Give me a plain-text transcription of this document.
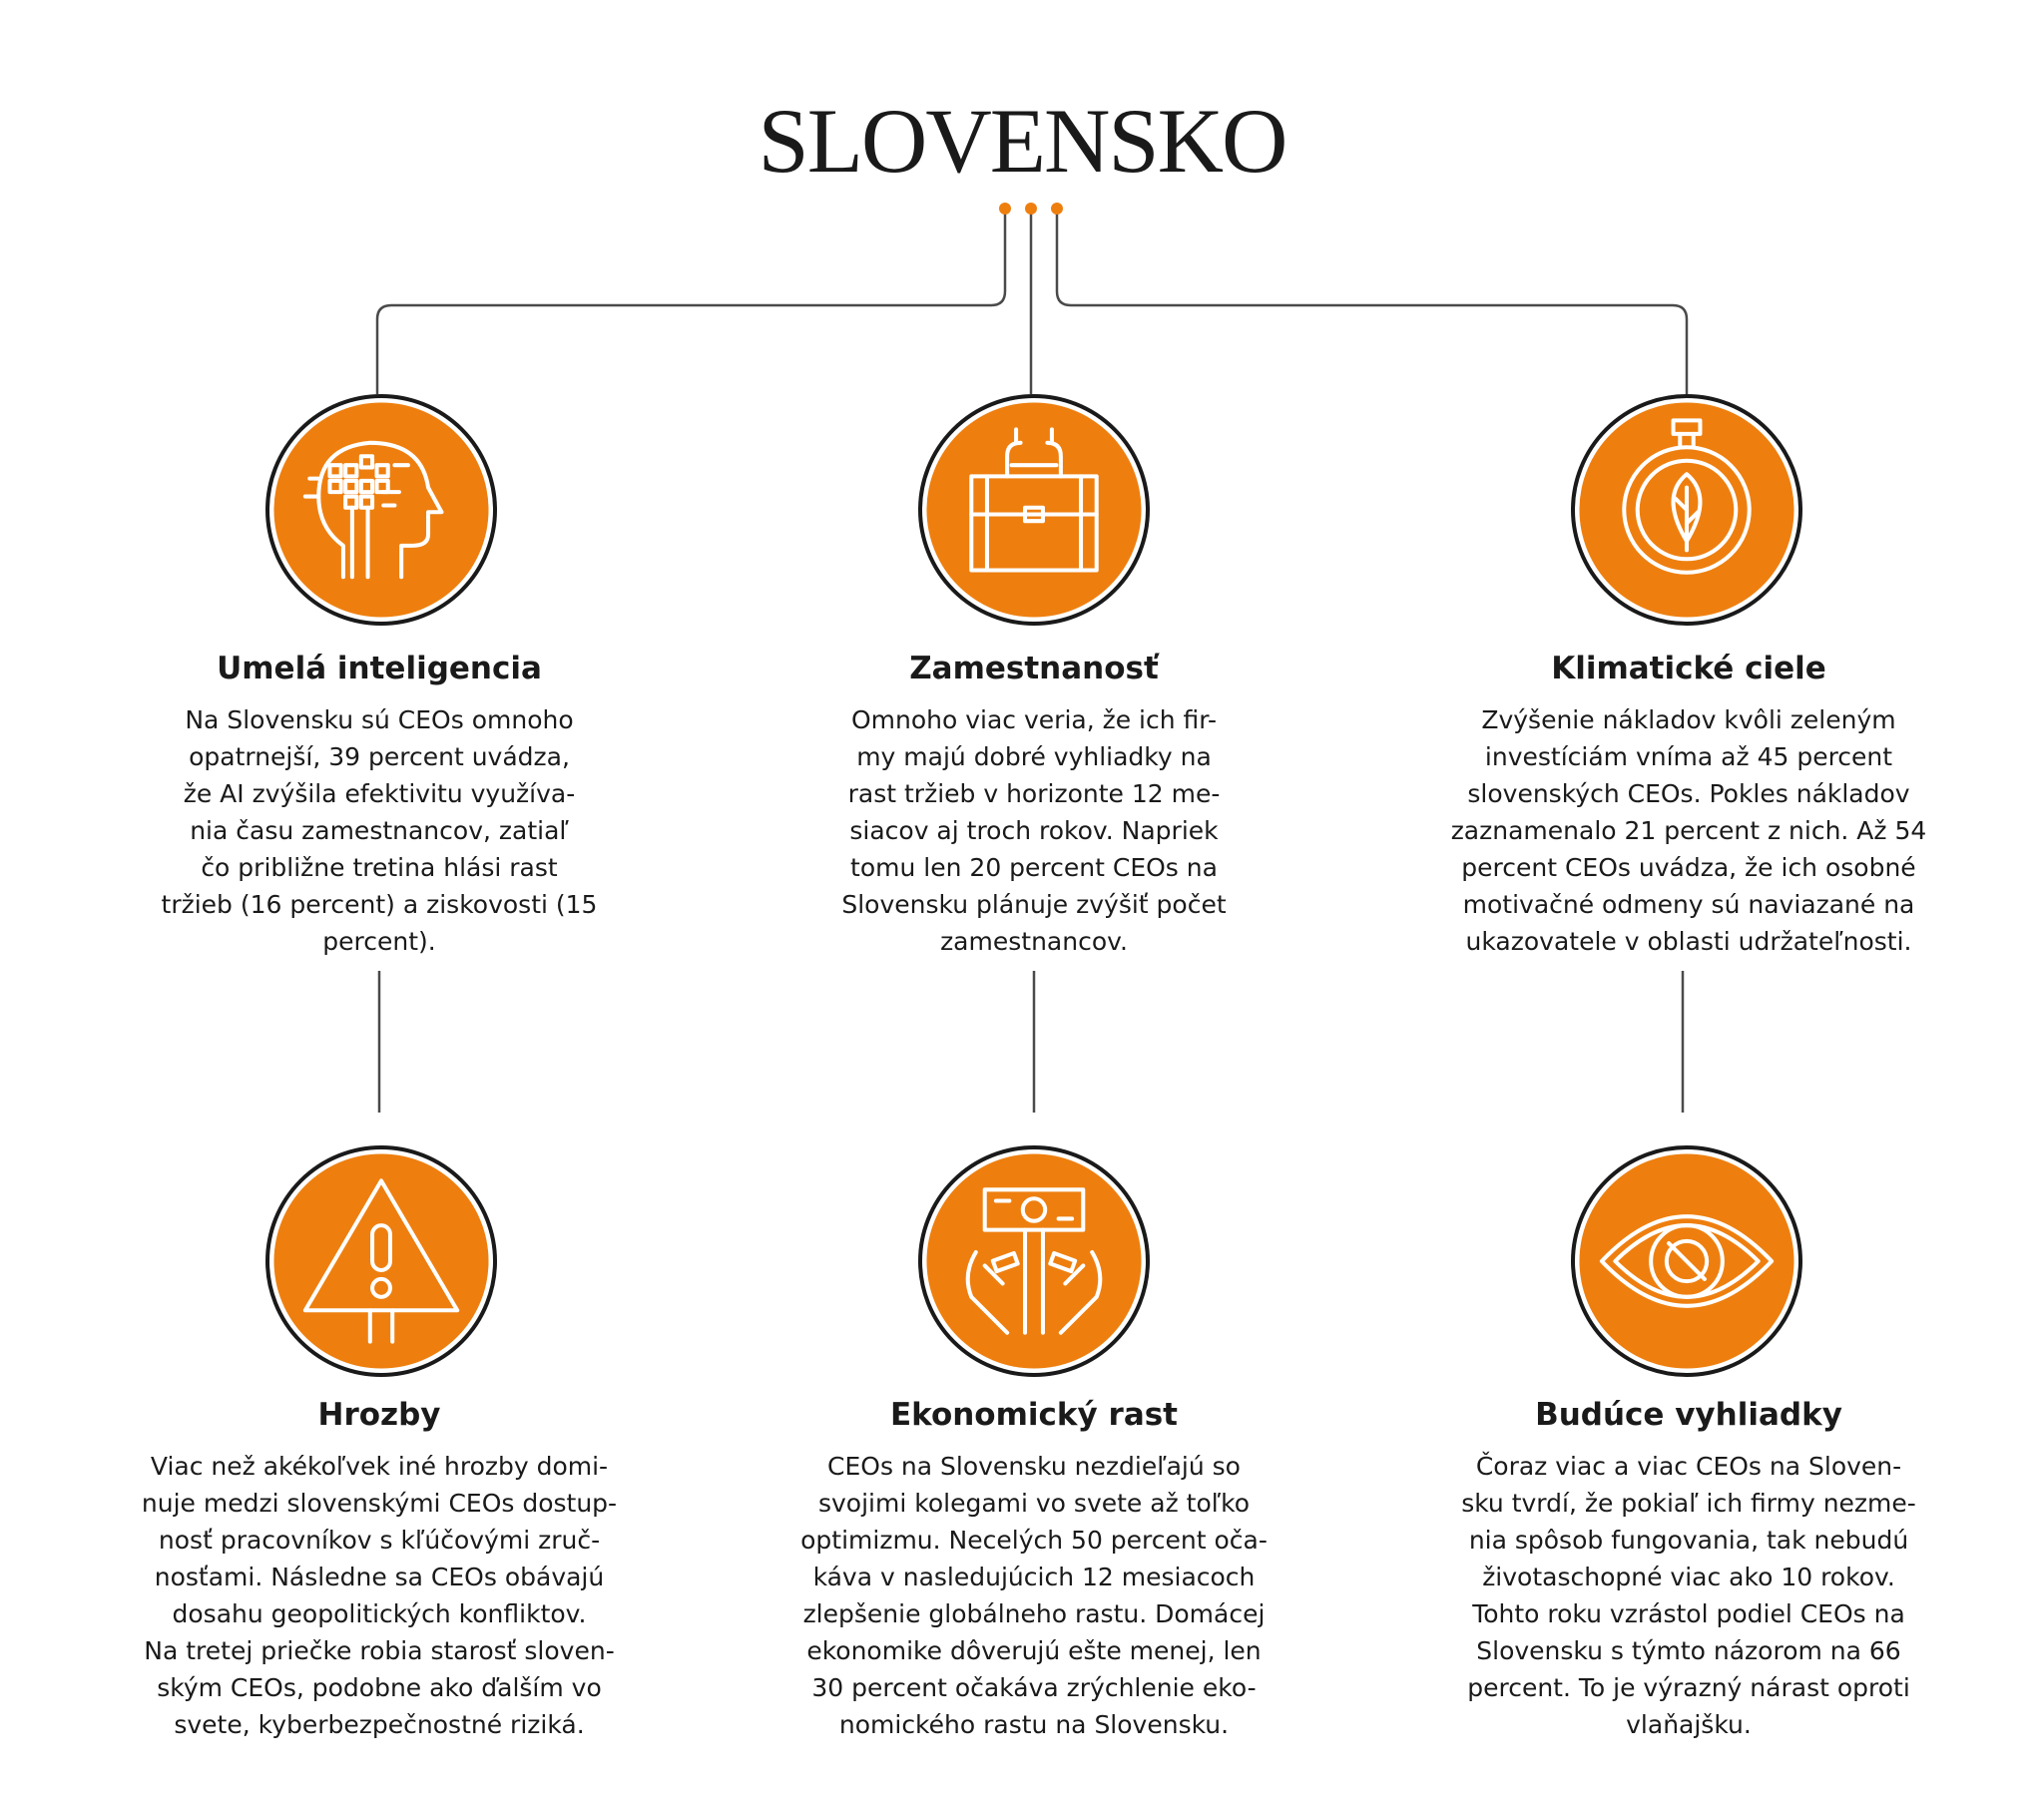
SLOVENSKO
Umelá inteligencia
Na Slovensku sú CEOs omnoho
opatrnejší, 39 percent uvádza,
že AI zvýšila efektivitu využíva-
nia času zamestnancov, zatiaľ
čo približne tretina hlási rast
tržieb (16 percent) a ziskovosti (15
percent).
Zamestnanosť
Omnoho viac veria, že ich fir-
my majú dobré vyhliadky na
rast tržieb v horizonte 12 me-
siacov aj troch rokov. Napriek
tomu len 20 percent CEOs na
Slovensku plánuje zvýšiť počet
zamestnancov.
Klimatické ciele
Zvýšenie nákladov kvôli zeleným
investíciám vníma až 45 percent
slovenských CEOs. Pokles nákladov
zaznamenalo 21 percent z nich. Až 54
percent CEOs uvádza, že ich osobné
motivačné odmeny sú naviazané na
ukazovatele v oblasti udržateľnosti.
Hrozby
Viac než akékoľvek iné hrozby domi-
nuje medzi slovenskými CEOs dostup-
nosť pracovníkov s kľúčovými zruč-
nosťami. Následne sa CEOs obávajú
dosahu geopolitických konfliktov.
Na tretej priečke robia starosť sloven-
ským CEOs, podobne ako ďalším vo
svete, kyberbezpečnostné riziká.
Ekonomický rast
CEOs na Slovensku nezdieľajú so
svojimi kolegami vo svete až toľko
optimizmu. Necelých 50 percent oča-
káva v nasledujúcich 12 mesiacoch
zlepšenie globálneho rastu. Domácej
ekonomike dôverujú ešte menej, len
30 percent očakáva zrýchlenie eko-
nomického rastu na Slovensku.
Budúce vyhliadky
Čoraz viac a viac CEOs na Sloven-
sku tvrdí, že pokiaľ ich firmy nezme-
nia spôsob fungovania, tak nebudú
životaschopné viac ako 10 rokov.
Tohto roku vzrástol podiel CEOs na
Slovensku s týmto názorom na 66
percent. To je výrazný nárast oproti
vlaňajšku.
